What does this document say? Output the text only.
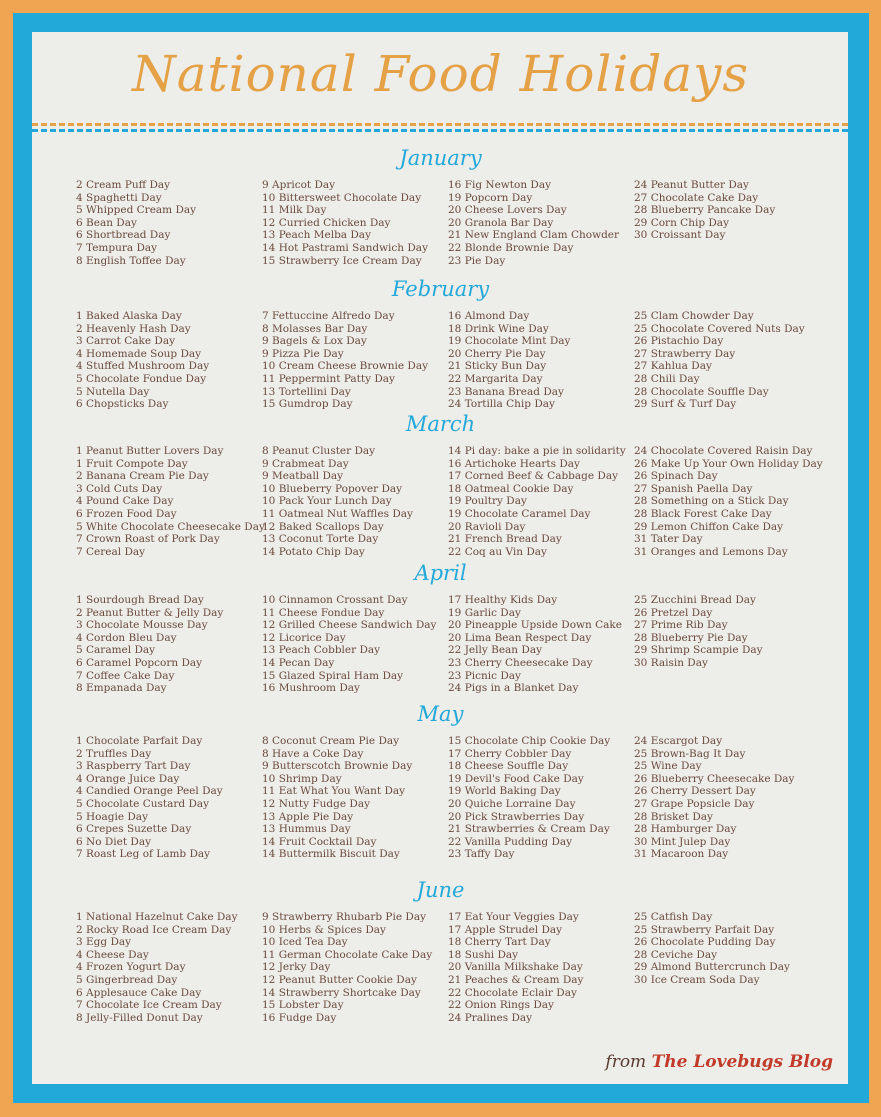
National Food Holidays
January
2 Cream Puff Day
4 Spaghetti Day
5 Whipped Cream Day
6 Bean Day
6 Shortbread Day
7 Tempura Day
8 English Toffee Day
9 Apricot Day
10 Bittersweet Chocolate Day
11 Milk Day
12 Curried Chicken Day
13 Peach Melba Day
14 Hot Pastrami Sandwich Day
15 Strawberry Ice Cream Day
16 Fig Newton Day
19 Popcorn Day
20 Cheese Lovers Day
20 Granola Bar Day
21 New England Clam Chowder
22 Blonde Brownie Day
23 Pie Day
24 Peanut Butter Day
27 Chocolate Cake Day
28 Blueberry Pancake Day
29 Corn Chip Day
30 Croissant Day
February
1 Baked Alaska Day
2 Heavenly Hash Day
3 Carrot Cake Day
4 Homemade Soup Day
4 Stuffed Mushroom Day
5 Chocolate Fondue Day
5 Nutella Day
6 Chopsticks Day
7 Fettuccine Alfredo Day
8 Molasses Bar Day
9 Bagels & Lox Day
9 Pizza Pie Day
10 Cream Cheese Brownie Day
11 Peppermint Patty Day
13 Tortellini Day
15 Gumdrop Day
16 Almond Day
18 Drink Wine Day
19 Chocolate Mint Day
20 Cherry Pie Day
21 Sticky Bun Day
22 Margarita Day
23 Banana Bread Day
24 Tortilla Chip Day
25 Clam Chowder Day
25 Chocolate Covered Nuts Day
26 Pistachio Day
27 Strawberry Day
27 Kahlua Day
28 Chili Day
28 Chocolate Souffle Day
29 Surf & Turf Day
March
1 Peanut Butter Lovers Day
1 Fruit Compote Day
2 Banana Cream Pie Day
3 Cold Cuts Day
4 Pound Cake Day
6 Frozen Food Day
5 White Chocolate Cheesecake Day
7 Crown Roast of Pork Day
7 Cereal Day
8 Peanut Cluster Day
9 Crabmeat Day
9 Meatball Day
10 Blueberry Popover Day
10 Pack Your Lunch Day
11 Oatmeal Nut Waffles Day
12 Baked Scallops Day
13 Coconut Torte Day
14 Potato Chip Day
14 Pi day: bake a pie in solidarity
16 Artichoke Hearts Day
17 Corned Beef & Cabbage Day
18 Oatmeal Cookie Day
19 Poultry Day
19 Chocolate Caramel Day
20 Ravioli Day
21 French Bread Day
22 Coq au Vin Day
24 Chocolate Covered Raisin Day
26 Make Up Your Own Holiday Day
26 Spinach Day
27 Spanish Paella Day
28 Something on a Stick Day
28 Black Forest Cake Day
29 Lemon Chiffon Cake Day
31 Tater Day
31 Oranges and Lemons Day
April
1 Sourdough Bread Day
2 Peanut Butter & Jelly Day
3 Chocolate Mousse Day
4 Cordon Bleu Day
5 Caramel Day
6 Caramel Popcorn Day
7 Coffee Cake Day
8 Empanada Day
10 Cinnamon Crossant Day
11 Cheese Fondue Day
12 Grilled Cheese Sandwich Day
12 Licorice Day
13 Peach Cobbler Day
14 Pecan Day
15 Glazed Spiral Ham Day
16 Mushroom Day
17 Healthy Kids Day
19 Garlic Day
20 Pineapple Upside Down Cake
20 Lima Bean Respect Day
22 Jelly Bean Day
23 Cherry Cheesecake Day
23 Picnic Day
24 Pigs in a Blanket Day
25 Zucchini Bread Day
26 Pretzel Day
27 Prime Rib Day
28 Blueberry Pie Day
29 Shrimp Scampie Day
30 Raisin Day
May
1 Chocolate Parfait Day
2 Truffles Day
3 Raspberry Tart Day
4 Orange Juice Day
4 Candied Orange Peel Day
5 Chocolate Custard Day
5 Hoagie Day
6 Crepes Suzette Day
6 No Diet Day
7 Roast Leg of Lamb Day
8 Coconut Cream Pie Day
8 Have a Coke Day
9 Butterscotch Brownie Day
10 Shrimp Day
11 Eat What You Want Day
12 Nutty Fudge Day
13 Apple Pie Day
13 Hummus Day
14 Fruit Cocktail Day
14 Buttermilk Biscuit Day
15 Chocolate Chip Cookie Day
17 Cherry Cobbler Day
18 Cheese Souffle Day
19 Devil's Food Cake Day
19 World Baking Day
20 Quiche Lorraine Day
20 Pick Strawberries Day
21 Strawberries & Cream Day
22 Vanilla Pudding Day
23 Taffy Day
24 Escargot Day
25 Brown-Bag It Day
25 Wine Day
26 Blueberry Cheesecake Day
26 Cherry Dessert Day
27 Grape Popsicle Day
28 Brisket Day
28 Hamburger Day
30 Mint Julep Day
31 Macaroon Day
June
1 National Hazelnut Cake Day
2 Rocky Road Ice Cream Day
3 Egg Day
4 Cheese Day
4 Frozen Yogurt Day
5 Gingerbread Day
6 Applesauce Cake Day
7 Chocolate Ice Cream Day
8 Jelly-Filled Donut Day
9 Strawberry Rhubarb Pie Day
10 Herbs & Spices Day
10 Iced Tea Day
11 German Chocolate Cake Day
12 Jerky Day
12 Peanut Butter Cookie Day
14 Strawberry Shortcake Day
15 Lobster Day
16 Fudge Day
17 Eat Your Veggies Day
17 Apple Strudel Day
18 Cherry Tart Day
18 Sushi Day
20 Vanilla Milkshake Day
21 Peaches & Cream Day
22 Chocolate Eclair Day
22 Onion Rings Day
24 Pralines Day
25 Catfish Day
25 Strawberry Parfait Day
26 Chocolate Pudding Day
28 Ceviche Day
29 Almond Buttercrunch Day
30 Ice Cream Soda Day
from The Lovebugs Blog
